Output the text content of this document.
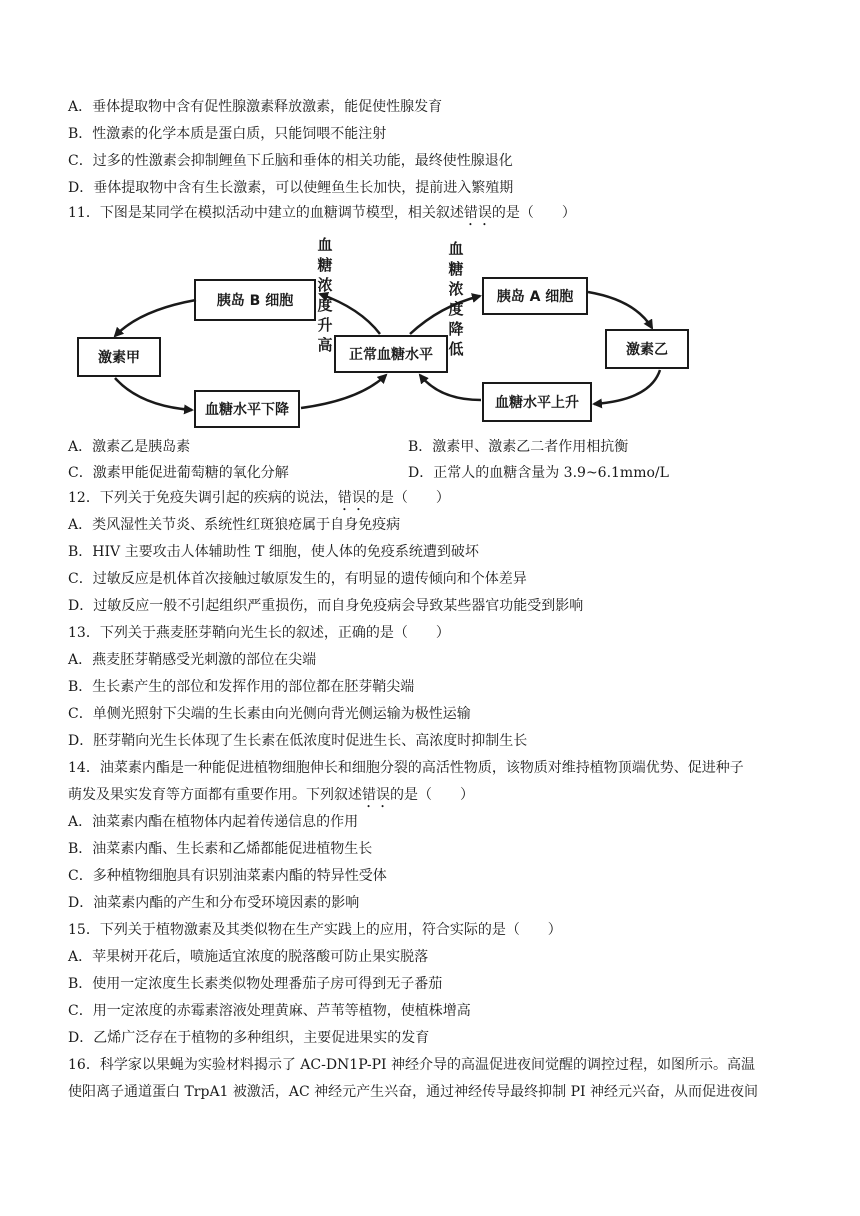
A．垂体提取物中含有促性腺激素释放激素，能促使性腺发育
B．性激素的化学本质是蛋白质，只能饲喂不能注射
C．过多的性激素会抑制鲤鱼下丘脑和垂体的相关功能，最终使性腺退化
D．垂体提取物中含有生长激素，可以使鲤鱼生长加快，提前进入繁殖期
11．下图是某同学在模拟活动中建立的血糖调节模型，相关叙述错误的是（　　）
胰岛 B 细胞
激素甲
血糖水平下降
正常血糖水平
胰岛 A 细胞
激素乙
血糖水平上升
血
糖
浓
度
升
高
血
糖
浓
度
降
低
A．激素乙是胰岛素	B．激素甲、激素乙二者作用相抗衡
C．激素甲能促进葡萄糖的氧化分解	D．正常人的血糖含量为 3.9~6.1mmo/L
12．下列关于免疫失调引起的疾病的说法，错误的是（　　）
A．类风湿性关节炎、系统性红斑狼疮属于自身免疫病
B．HIV 主要攻击人体辅助性 T 细胞，使人体的免疫系统遭到破坏
C．过敏反应是机体首次接触过敏原发生的，有明显的遗传倾向和个体差异
D．过敏反应一般不引起组织严重损伤，而自身免疫病会导致某些器官功能受到影响
13．下列关于燕麦胚芽鞘向光生长的叙述，正确的是（　　）
A．燕麦胚芽鞘感受光刺激的部位在尖端
B．生长素产生的部位和发挥作用的部位都在胚芽鞘尖端
C．单侧光照射下尖端的生长素由向光侧向背光侧运输为极性运输
D．胚芽鞘向光生长体现了生长素在低浓度时促进生长、高浓度时抑制生长
14．油菜素内酯是一种能促进植物细胞伸长和细胞分裂的高活性物质，该物质对维持植物顶端优势、促进种子
萌发及果实发育等方面都有重要作用。下列叙述错误的是（　　）
A．油菜素内酯在植物体内起着传递信息的作用
B．油菜素内酯、生长素和乙烯都能促进植物生长
C．多种植物细胞具有识别油菜素内酯的特异性受体
D．油菜素内酯的产生和分布受环境因素的影响
15．下列关于植物激素及其类似物在生产实践上的应用，符合实际的是（　　）
A．苹果树开花后，喷施适宜浓度的脱落酸可防止果实脱落
B．使用一定浓度生长素类似物处理番茄子房可得到无子番茄
C．用一定浓度的赤霉素溶液处理黄麻、芦苇等植物，使植株增高
D．乙烯广泛存在于植物的多种组织，主要促进果实的发育
16．科学家以果蝇为实验材料揭示了 AC-DN1P-PI 神经介导的高温促进夜间觉醒的调控过程，如图所示。高温
使阳离子通道蛋白 TrpA1 被激活，AC 神经元产生兴奋，通过神经传导最终抑制 PI 神经元兴奋，从而促进夜间
